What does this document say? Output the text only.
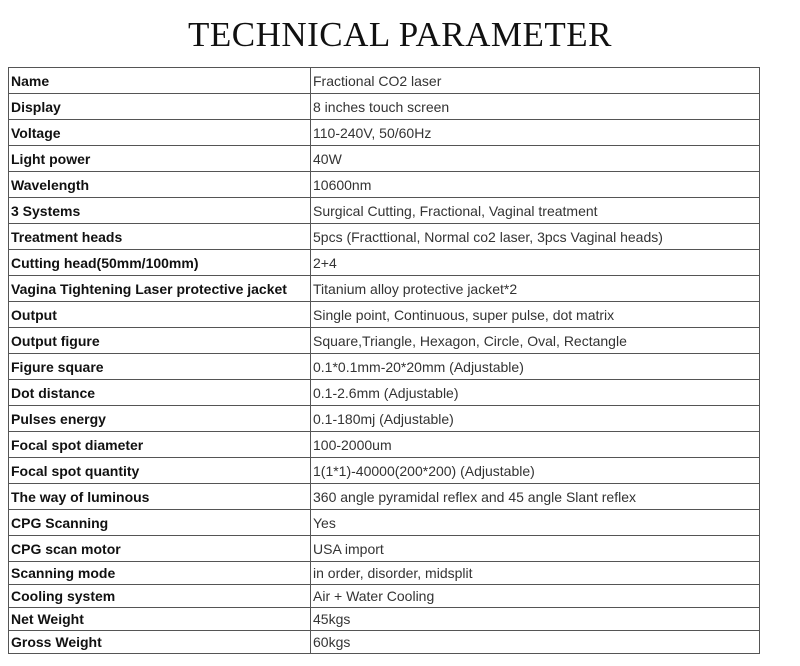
TECHNICAL PARAMETER
Name	Fractional CO2 laser
Display	8 inches touch screen
Voltage	110-240V, 50/60Hz
Light power	40W
Wavelength	10600nm
3 Systems	Surgical Cutting, Fractional, Vaginal treatment
Treatment heads	5pcs (Fracttional, Normal co2 laser, 3pcs Vaginal heads)
Cutting head(50mm/100mm)	2+4
Vagina Tightening Laser protective jacket	Titanium alloy protective jacket*2
Output	Single point, Continuous, super pulse, dot matrix
Output figure	Square,Triangle, Hexagon, Circle, Oval, Rectangle
Figure square	0.1*0.1mm-20*20mm (Adjustable)
Dot distance	0.1-2.6mm (Adjustable)
Pulses energy	0.1-180mj (Adjustable)
Focal spot diameter	100-2000um
Focal spot quantity	1(1*1)-40000(200*200) (Adjustable)
The way of luminous	360 angle pyramidal reflex and 45 angle Slant reflex
CPG Scanning	Yes
CPG scan motor	USA import
Scanning mode	in order, disorder, midsplit
Cooling system	Air + Water Cooling
Net Weight	45kgs
Gross Weight	60kgs
